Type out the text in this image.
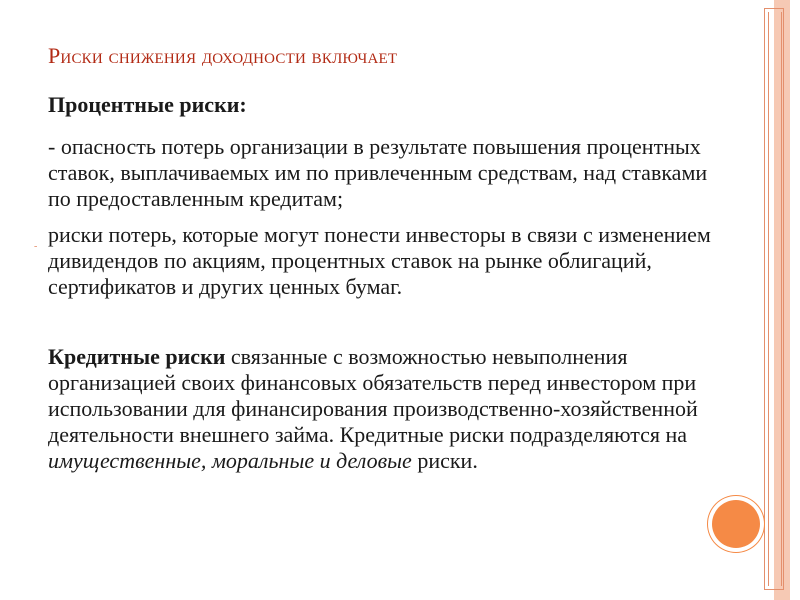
Риски снижения доходности включает

Процентные риски:

- опасность потерь организации в результате повышения процентных ставок, выплачиваемых им по привлеченным средствам, над ставками по предоставленным кредитам;

- риски потерь, которые могут понести инвесторы в связи с изменением дивидендов по акциям, процентных ставок на рынке облигаций, сертификатов и других ценных бумаг.

Кредитные риски связанные с возможностью невыполнения организацией своих финансовых обязательств перед инвестором при использовании для финансирования производственно-хозяйственной деятельности внешнего займа. Кредитные риски подразделяются на имущественные, моральные и деловые риски.
